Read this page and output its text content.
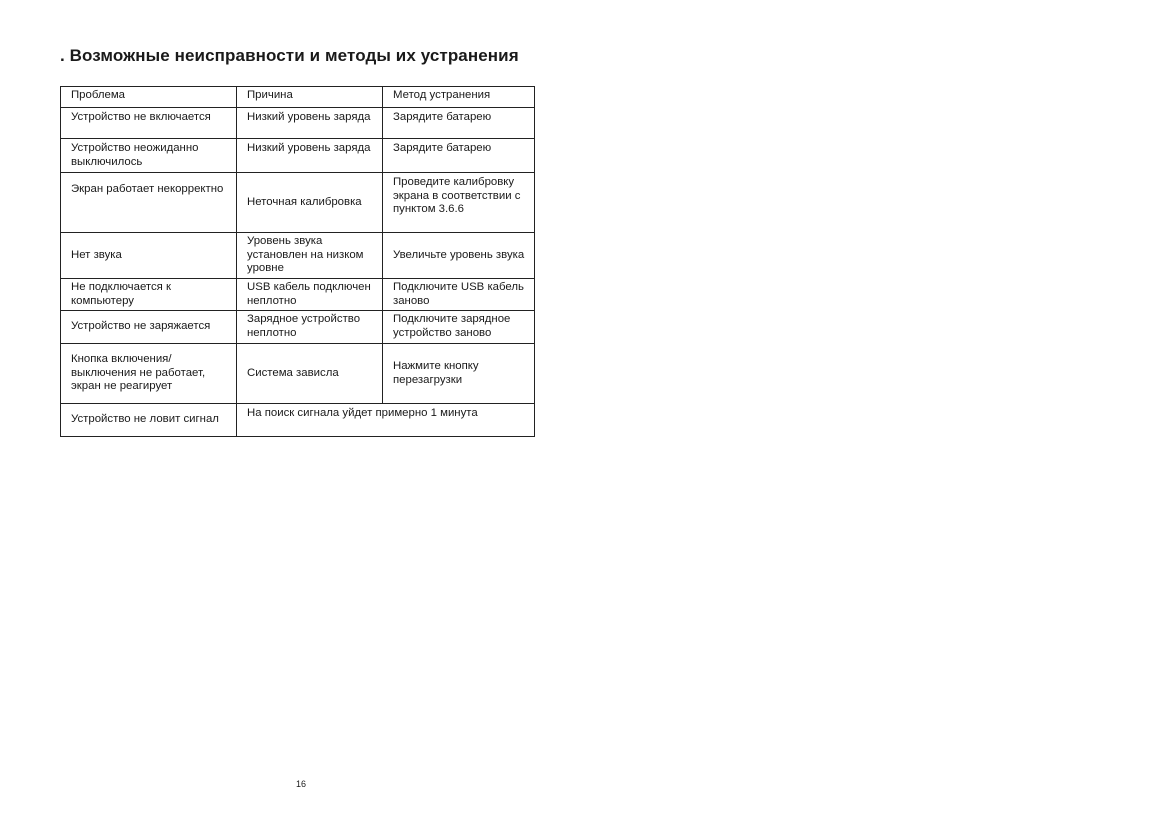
. Возможные неисправности и методы их устранения
Проблема	Причина	Метод устранения
Устройство не включается	Низкий уровень заряда	Зарядите батарею
Устройство неожиданно выключилось	Низкий уровень заряда	Зарядите батарею
Экран работает некорректно	Неточная калибровка	Проведите калибровку экрана в соответствии с пунктом 3.6.6
Нет звука	Уровень звука установлен на низком уровне	Увеличьте уровень звука
Не подключается к компьютеру	USB кабель подключен неплотно	Подключите USB кабель заново
Устройство не заряжается	Зарядное устройство неплотно	Подключите зарядное устройство заново
Кнопка включения/выключения не работает, экран не реагирует	Система зависла	Нажмите кнопку перезагрузки
Устройство не ловит сигнал	На поиск сигнала уйдет примерно 1 минута	
16
